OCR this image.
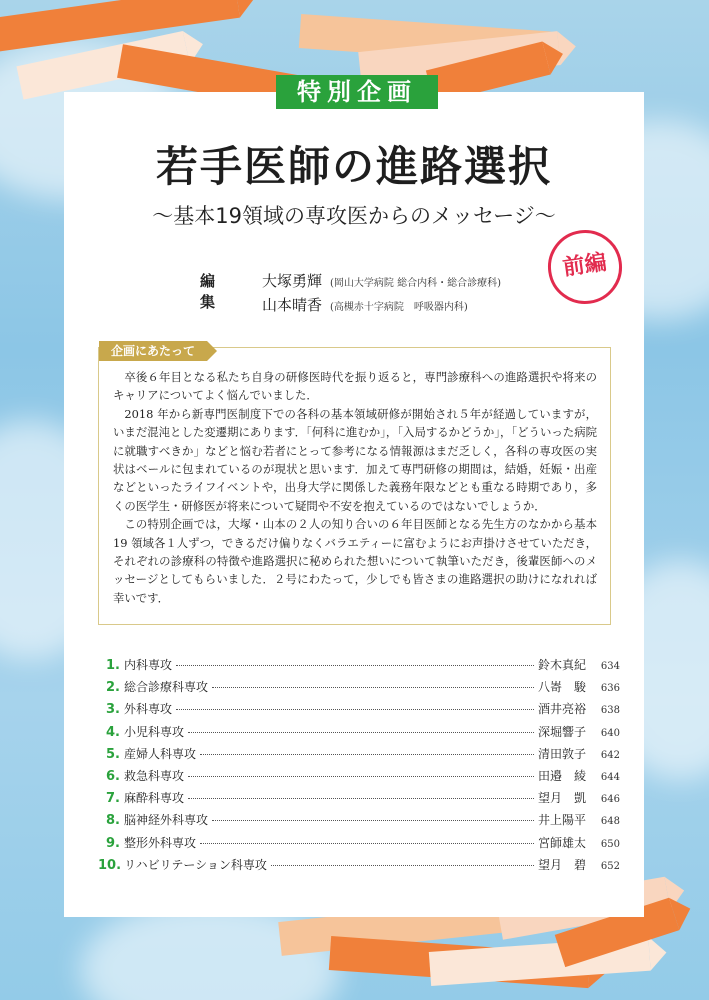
特別企画
若手医師の進路選択
～基本19領域の専攻医からのメッセージ～
前編
編　集
大塚勇輝 (岡山大学病院 総合内科・総合診療科)
山本晴香 (高槻赤十字病院　呼吸器内科)
企画にあたって

卒後６年目となる私たち自身の研修医時代を振り返ると，専門診療科への進路選択や将来のキャリアについてよく悩んでいました．

2018 年から新専門医制度下での各科の基本領域研修が開始され５年が経過していますが，いまだ混沌とした変遷期にあります．「何科に進むか」，「入局するかどうか」，「どういった病院に就職すべきか」などと悩む若者にとって参考になる情報源はまだ乏しく，各科の専攻医の実状はベールに包まれているのが現状と思います．加えて専門研修の期間は，結婚，妊娠・出産などといったライフイベントや，出身大学に関係した義務年限などとも重なる時期であり，多くの医学生・研修医が将来について疑問や不安を抱えているのではないでしょうか．

この特別企画では，大塚・山本の２人の知り合いの６年目医師となる先生方のなかから基本 19 領域各１人ずつ，できるだけ偏りなくバラエティーに富むようにお声掛けさせていただき，それぞれの診療科の特徴や進路選択に秘められた想いについて執筆いただき，後輩医師へのメッセージとしてもらいました．２号にわたって，少しでも皆さまの進路選択の助けになれれば幸いです．

1. 内科専攻	鈴木真紀	634
2. 総合診療科専攻	八㟢　駿	636
3. 外科専攻	酒井亮裕	638
4. 小児科専攻	深堀響子	640
5. 産婦人科専攻	清田敦子	642
6. 救急科専攻	田邉　綾	644
7. 麻酔科専攻	望月　凱	646
8. 脳神経外科専攻	井上陽平	648
9. 整形外科専攻	宮師雄太	650
10. リハビリテーション科専攻	望月　碧	652
